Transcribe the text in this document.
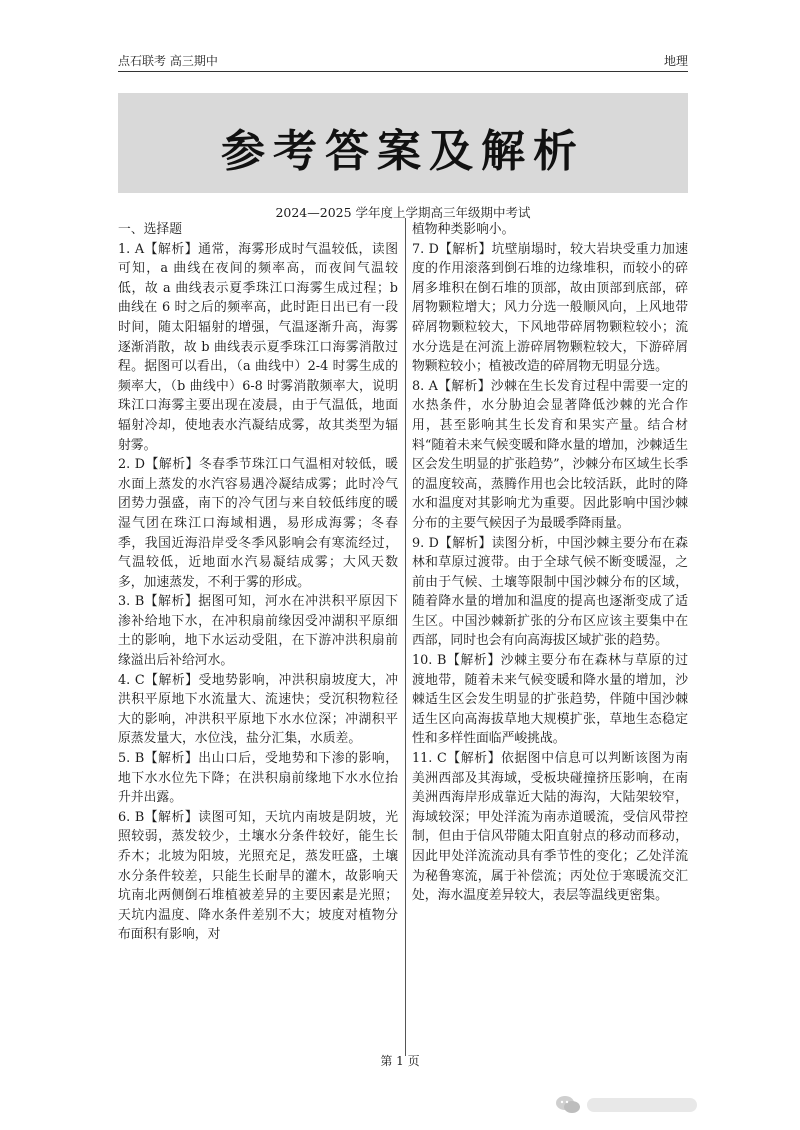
点石联考 高三期中	地理
参考答案及解析
2024—2025 学年度上学期高三年级期中考试

一、选择题

1. A【解析】通常，海雾形成时气温较低，读图可知，a 曲线在夜间的频率高，而夜间气温较低，故 a 曲线表示夏季珠江口海雾生成过程；b 曲线在 6 时之后的频率高，此时距日出已有一段时间，随太阳辐射的增强，气温逐渐升高，海雾逐渐消散，故 b 曲线表示夏季珠江口海雾消散过程。据图可以看出，（a 曲线中）2-4 时雾生成的频率大，（b 曲线中）6-8 时雾消散频率大，说明珠江口海雾主要出现在凌晨，由于气温低，地面辐射冷却，使地表水汽凝结成雾，故其类型为辐射雾。

2. D【解析】冬春季节珠江口气温相对较低，暖水面上蒸发的水汽容易遇冷凝结成雾；此时冷气团势力强盛，南下的冷气团与来自较低纬度的暖湿气团在珠江口海域相遇，易形成海雾；冬春季，我国近海沿岸受冬季风影响会有寒流经过，气温较低，近地面水汽易凝结成雾；大风天数多，加速蒸发，不利于雾的形成。

3. B【解析】据图可知，河水在冲洪积平原因下渗补给地下水，在冲积扇前缘因受冲湖积平原细土的影响，地下水运动受阻，在下游冲洪积扇前缘溢出后补给河水。

4. C【解析】受地势影响，冲洪积扇坡度大，冲洪积平原地下水流量大、流速快；受沉积物粒径大的影响，冲洪积平原地下水水位深；冲湖积平原蒸发量大，水位浅，盐分汇集，水质差。

5. B【解析】出山口后，受地势和下渗的影响，地下水水位先下降；在洪积扇前缘地下水水位抬升并出露。

6. B【解析】读图可知，天坑内南坡是阴坡，光照较弱，蒸发较少，土壤水分条件较好，能生长乔木；北坡为阳坡，光照充足，蒸发旺盛，土壤水分条件较差，只能生长耐旱的灌木，故影响天坑南北两侧倒石堆植被差异的主要因素是光照；天坑内温度、降水条件差别不大；坡度对植物分布面积有影响，对

植物种类影响小。

7. D【解析】坑壁崩塌时，较大岩块受重力加速度的作用滚落到倒石堆的边缘堆积，而较小的碎屑多堆积在倒石堆的顶部，故由顶部到底部，碎屑物颗粒增大；风力分选一般顺风向，上风地带碎屑物颗粒较大，下风地带碎屑物颗粒较小；流水分选是在河流上游碎屑物颗粒较大，下游碎屑物颗粒较小；植被改造的碎屑物无明显分选。

8. A【解析】沙棘在生长发育过程中需要一定的水热条件，水分胁迫会显著降低沙棘的光合作用，甚至影响其生长发育和果实产量。结合材料“随着未来气候变暖和降水量的增加，沙棘适生区会发生明显的扩张趋势”，沙棘分布区域生长季的温度较高，蒸腾作用也会比较活跃，此时的降水和温度对其影响尤为重要。因此影响中国沙棘分布的主要气候因子为最暖季降雨量。

9. D【解析】读图分析，中国沙棘主要分布在森林和草原过渡带。由于全球气候不断变暖湿，之前由于气候、土壤等限制中国沙棘分布的区域，随着降水量的增加和温度的提高也逐渐变成了适生区。中国沙棘新扩张的分布区应该主要集中在西部，同时也会有向高海拔区域扩张的趋势。

10. B【解析】沙棘主要分布在森林与草原的过渡地带，随着未来气候变暖和降水量的增加，沙棘适生区会发生明显的扩张趋势，伴随中国沙棘适生区向高海拔草地大规模扩张，草地生态稳定性和多样性面临严峻挑战。

11. C【解析】依据图中信息可以判断该图为南美洲西部及其海域，受板块碰撞挤压影响，在南美洲西海岸形成靠近大陆的海沟，大陆架较窄，海域较深；甲处洋流为南赤道暖流，受信风带控制，但由于信风带随太阳直射点的移动而移动，因此甲处洋流流动具有季节性的变化；乙处洋流为秘鲁寒流，属于补偿流；丙处位于寒暖流交汇处，海水温度差异较大，表层等温线更密集。

第 1 页
